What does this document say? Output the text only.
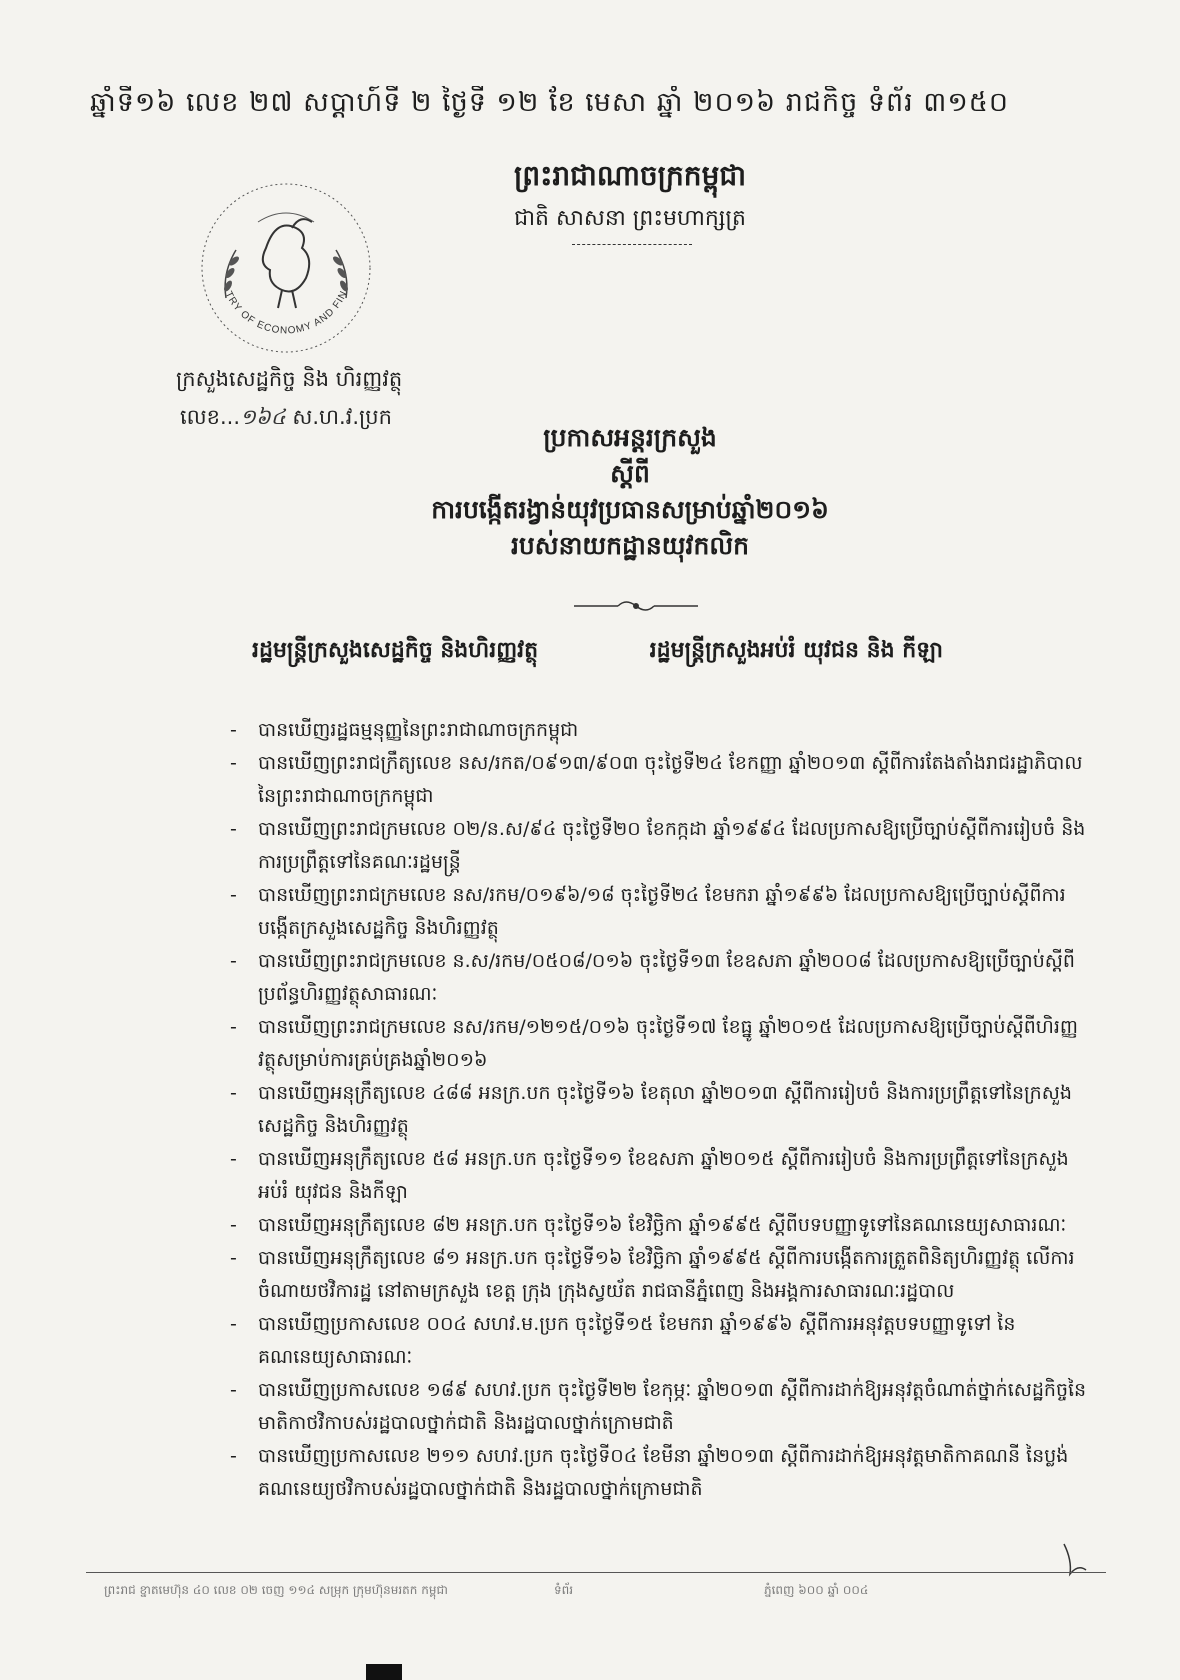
ឆ្នាំទី១៦ លេខ ២៧ សប្តាហ៍ទី ២ ថ្ងៃទី ១២ ខែ មេសា ឆ្នាំ ២០១៦ រាជកិច្ច ទំព័រ ៣១៥០
TRY OF ECONOMY AND FIN
ក្រសួងសេដ្ឋកិច្ច និង ហិរញ្ញវត្ថុ
លេខ...១៦៤ ស.ហ.វ.ប្រក
ព្រះរាជាណាចក្រកម្ពុជា
ជាតិ សាសនា ព្រះមហាក្សត្រ
ប្រកាសអន្តរក្រសួង
ស្តីពី
ការបង្កើតរង្វាន់យុវប្រធានសម្រាប់ឆ្នាំ២០១៦
របស់នាយកដ្ឋានយុវកលិក
រដ្ឋមន្ត្រីក្រសួងសេដ្ឋកិច្ច និងហិរញ្ញវត្ថុ	រដ្ឋមន្ត្រីក្រសួងអប់រំ យុវជន និង កីឡា
- បានឃើញរដ្ឋធម្មនុញ្ញនៃព្រះរាជាណាចក្រកម្ពុជា
- បានឃើញព្រះរាជក្រឹត្យលេខ នស/រកត/០៩១៣/៩០៣ ចុះថ្ងៃទី២៤ ខែកញ្ញា ឆ្នាំ២០១៣ ស្តីពីការតែងតាំងរាជរដ្ឋាភិបាលនៃព្រះរាជាណាចក្រកម្ពុជា
- បានឃើញព្រះរាជក្រមលេខ ០២/ន.ស/៩៤ ចុះថ្ងៃទី២០ ខែកក្កដា ឆ្នាំ១៩៩៤ ដែលប្រកាសឱ្យប្រើច្បាប់ស្តីពីការរៀបចំ និងការប្រព្រឹត្តទៅនៃគណៈរដ្ឋមន្ត្រី
- បានឃើញព្រះរាជក្រមលេខ នស/រកម/០១៩៦/១៨ ចុះថ្ងៃទី២៤ ខែមករា ឆ្នាំ១៩៩៦ ដែលប្រកាសឱ្យប្រើច្បាប់ស្តីពីការបង្កើតក្រសួងសេដ្ឋកិច្ច និងហិរញ្ញវត្ថុ
- បានឃើញព្រះរាជក្រមលេខ ន.ស/រកម/០៥០៨/០១៦ ចុះថ្ងៃទី១៣ ខែឧសភា ឆ្នាំ២០០៨ ដែលប្រកាសឱ្យប្រើច្បាប់ស្តីពីប្រព័ន្ធហិរញ្ញវត្ថុសាធារណៈ
- បានឃើញព្រះរាជក្រមលេខ នស/រកម/១២១៥/០១៦ ចុះថ្ងៃទី១៧ ខែធ្នូ ឆ្នាំ២០១៥ ដែលប្រកាសឱ្យប្រើច្បាប់ស្តីពីហិរញ្ញវត្ថុសម្រាប់ការគ្រប់គ្រងឆ្នាំ២០១៦
- បានឃើញអនុក្រឹត្យលេខ ៤៨៨ អនក្រ.បក ចុះថ្ងៃទី១៦ ខែតុលា ឆ្នាំ២០១៣ ស្តីពីការរៀបចំ និងការប្រព្រឹត្តទៅនៃក្រសួងសេដ្ឋកិច្ច និងហិរញ្ញវត្ថុ
- បានឃើញអនុក្រឹត្យលេខ ៥៨ អនក្រ.បក ចុះថ្ងៃទី១១ ខែឧសភា ឆ្នាំ២០១៥ ស្តីពីការរៀបចំ និងការប្រព្រឹត្តទៅនៃក្រសួងអប់រំ យុវជន និងកីឡា
- បានឃើញអនុក្រឹត្យលេខ ៨២ អនក្រ.បក ចុះថ្ងៃទី១៦ ខែវិច្ឆិកា ឆ្នាំ១៩៩៥ ស្តីពីបទបញ្ញាទូទៅនៃគណនេយ្យសាធារណៈ
- បានឃើញអនុក្រឹត្យលេខ ៨១ អនក្រ.បក ចុះថ្ងៃទី១៦ ខែវិច្ឆិកា ឆ្នាំ១៩៩៥ ស្តីពីការបង្កើតការត្រួតពិនិត្យហិរញ្ញវត្ថុ លើការចំណាយថវិការដ្ឋ នៅតាមក្រសួង ខេត្ត ក្រុង ក្រុងស្វយ័ត រាជធានីភ្នំពេញ និងអង្គការសាធារណៈរដ្ឋបាល
- បានឃើញប្រកាសលេខ ០០៤ សហវ.ម.ប្រក ចុះថ្ងៃទី១៥ ខែមករា ឆ្នាំ១៩៩៦ ស្តីពីការអនុវត្តបទបញ្ញាទូទៅ នៃគណនេយ្យសាធារណៈ
- បានឃើញប្រកាសលេខ ១៨៩ សហវ.ប្រក ចុះថ្ងៃទី២២ ខែកុម្ភៈ ឆ្នាំ២០១៣ ស្តីពីការដាក់ឱ្យអនុវត្តចំណាត់ថ្នាក់សេដ្ឋកិច្ចនៃមាតិកាថវិកាបស់រដ្ឋបាលថ្នាក់ជាតិ និងរដ្ឋបាលថ្នាក់ក្រោមជាតិ
- បានឃើញប្រកាសលេខ ២១១ សហវ.ប្រក ចុះថ្ងៃទី០៤ ខែមីនា ឆ្នាំ២០១៣ ស្តីពីការដាក់ឱ្យអនុវត្តមាតិកាគណនី នៃប្លង់គណនេយ្យថវិកាបស់រដ្ឋបាលថ្នាក់ជាតិ និងរដ្ឋបាលថ្នាក់ក្រោមជាតិ
ព្រះរាជ ខ្នាតមេហ៊ុន ៤០ លេខ ០២ ចេញ ១១៤ សម្រុក ក្រុមហ៊ុនមរតក កម្ពុជា	ទំព័រ	ភ្នំពេញ ៦០០ ឆ្នាំ ០០៤
